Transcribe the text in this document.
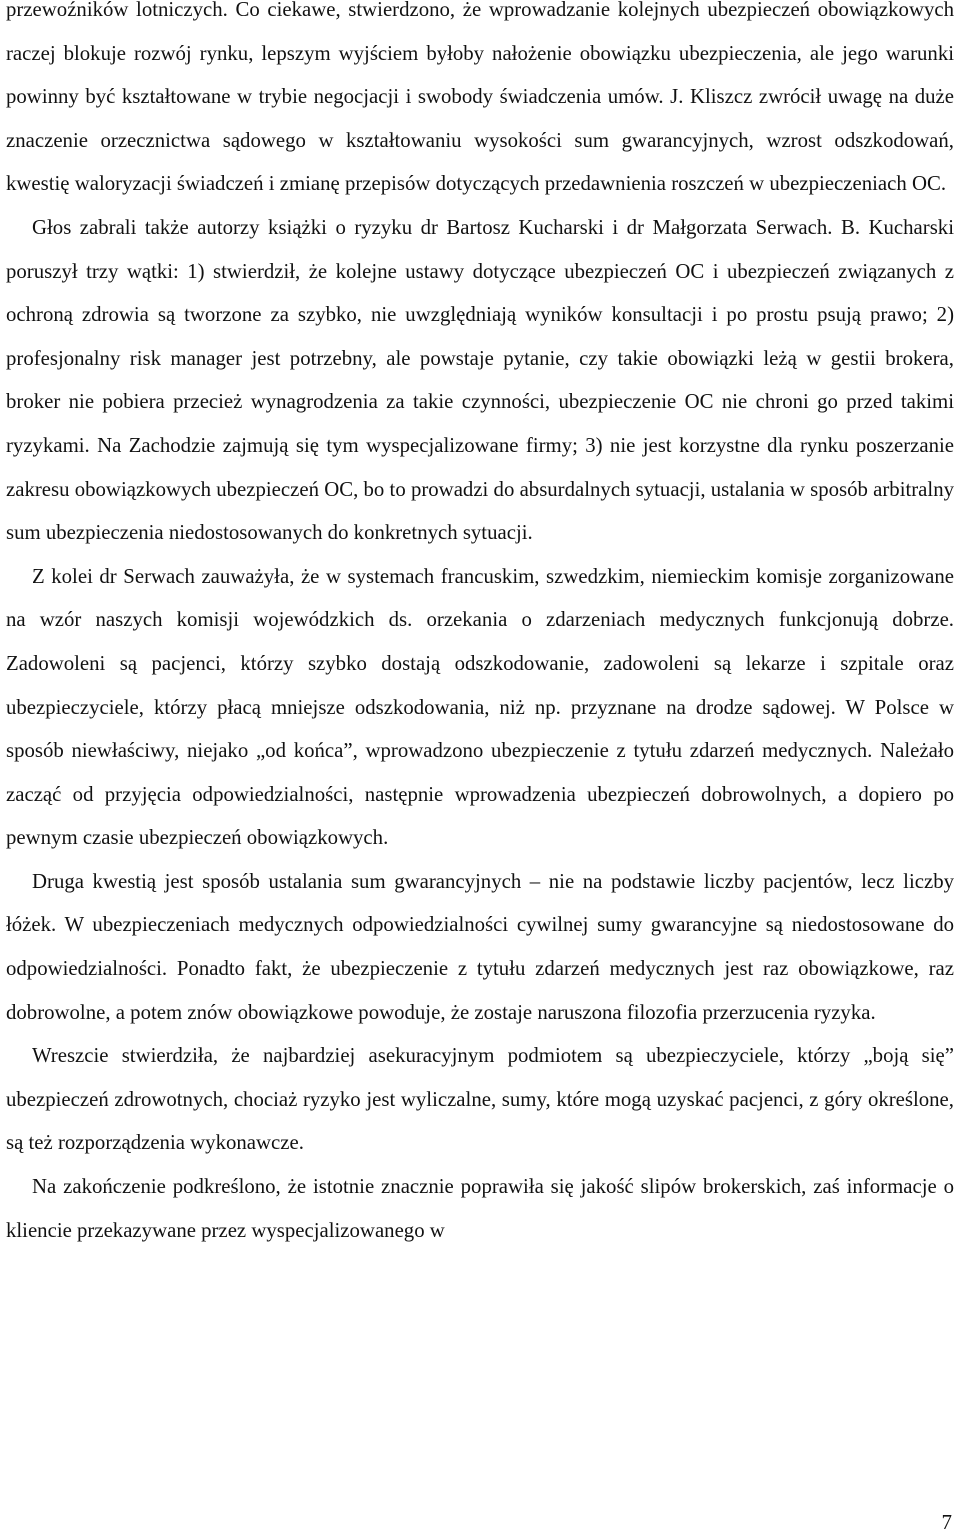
przewoźników lotniczych. Co ciekawe, stwierdzono, że wprowadzanie kolejnych ubezpieczeń obowiązkowych raczej blokuje rozwój rynku, lepszym wyjściem byłoby nałożenie obowiązku ubezpieczenia, ale jego warunki powinny być kształtowane w trybie negocjacji i swobody świadczenia umów. J. Kliszcz zwrócił uwagę na duże znaczenie orzecznictwa sądowego w kształtowaniu wysokości sum gwarancyjnych, wzrost odszkodowań, kwestię waloryzacji świadczeń i zmianę przepisów dotyczących przedawnienia roszczeń w ubezpieczeniach OC.

Głos zabrali także autorzy książki o ryzyku dr Bartosz Kucharski i dr Małgorzata Serwach. B. Kucharski poruszył trzy wątki: 1) stwierdził, że kolejne ustawy dotyczące ubezpieczeń OC i ubezpieczeń związanych z ochroną zdrowia są tworzone za szybko, nie uwzględniają wyników konsultacji i po prostu psują prawo; 2) profesjonalny risk manager jest potrzebny, ale powstaje pytanie, czy takie obowiązki leżą w gestii brokera, broker nie pobiera przecież wynagrodzenia za takie czynności, ubezpieczenie OC nie chroni go przed takimi ryzykami. Na Zachodzie zajmują się tym wyspecjalizowane firmy; 3) nie jest korzystne dla rynku poszerzanie zakresu obowiązkowych ubezpieczeń OC, bo to prowadzi do absurdalnych sytuacji, ustalania w sposób arbitralny sum ubezpieczenia niedostosowanych do konkretnych sytuacji.

Z kolei dr Serwach zauważyła, że w systemach francuskim, szwedzkim, niemieckim komisje zorganizowane na wzór naszych komisji wojewódzkich ds. orzekania o zdarzeniach medycznych funkcjonują dobrze. Zadowoleni są pacjenci, którzy szybko dostają odszkodowanie, zadowoleni są lekarze i szpitale oraz ubezpieczyciele, którzy płacą mniejsze odszkodowania, niż np. przyznane na drodze sądowej. W Polsce w sposób niewłaściwy, niejako „od końca”, wprowadzono ubezpieczenie z tytułu zdarzeń medycznych. Należało zacząć od przyjęcia odpowiedzialności, następnie wprowadzenia ubezpieczeń dobrowolnych, a dopiero po pewnym czasie ubezpieczeń obowiązkowych.

Druga kwestią jest sposób ustalania sum gwarancyjnych – nie na podstawie liczby pacjentów, lecz liczby łóżek. W ubezpieczeniach medycznych odpowiedzialności cywilnej sumy gwarancyjne są niedostosowane do odpowiedzialności. Ponadto fakt, że ubezpieczenie z tytułu zdarzeń medycznych jest raz obowiązkowe, raz dobrowolne, a potem znów obowiązkowe powoduje, że zostaje naruszona filozofia przerzucenia ryzyka.

Wreszcie stwierdziła, że najbardziej asekuracyjnym podmiotem są ubezpieczyciele, którzy „boją się” ubezpieczeń zdrowotnych, chociaż ryzyko jest wyliczalne, sumy, które mogą uzyskać pacjenci, z góry określone, są też rozporządzenia wykonawcze.

Na zakończenie podkreślono, że istotnie znacznie poprawiła się jakość slipów brokerskich, zaś informacje o kliencie przekazywane przez wyspecjalizowanego w

7
